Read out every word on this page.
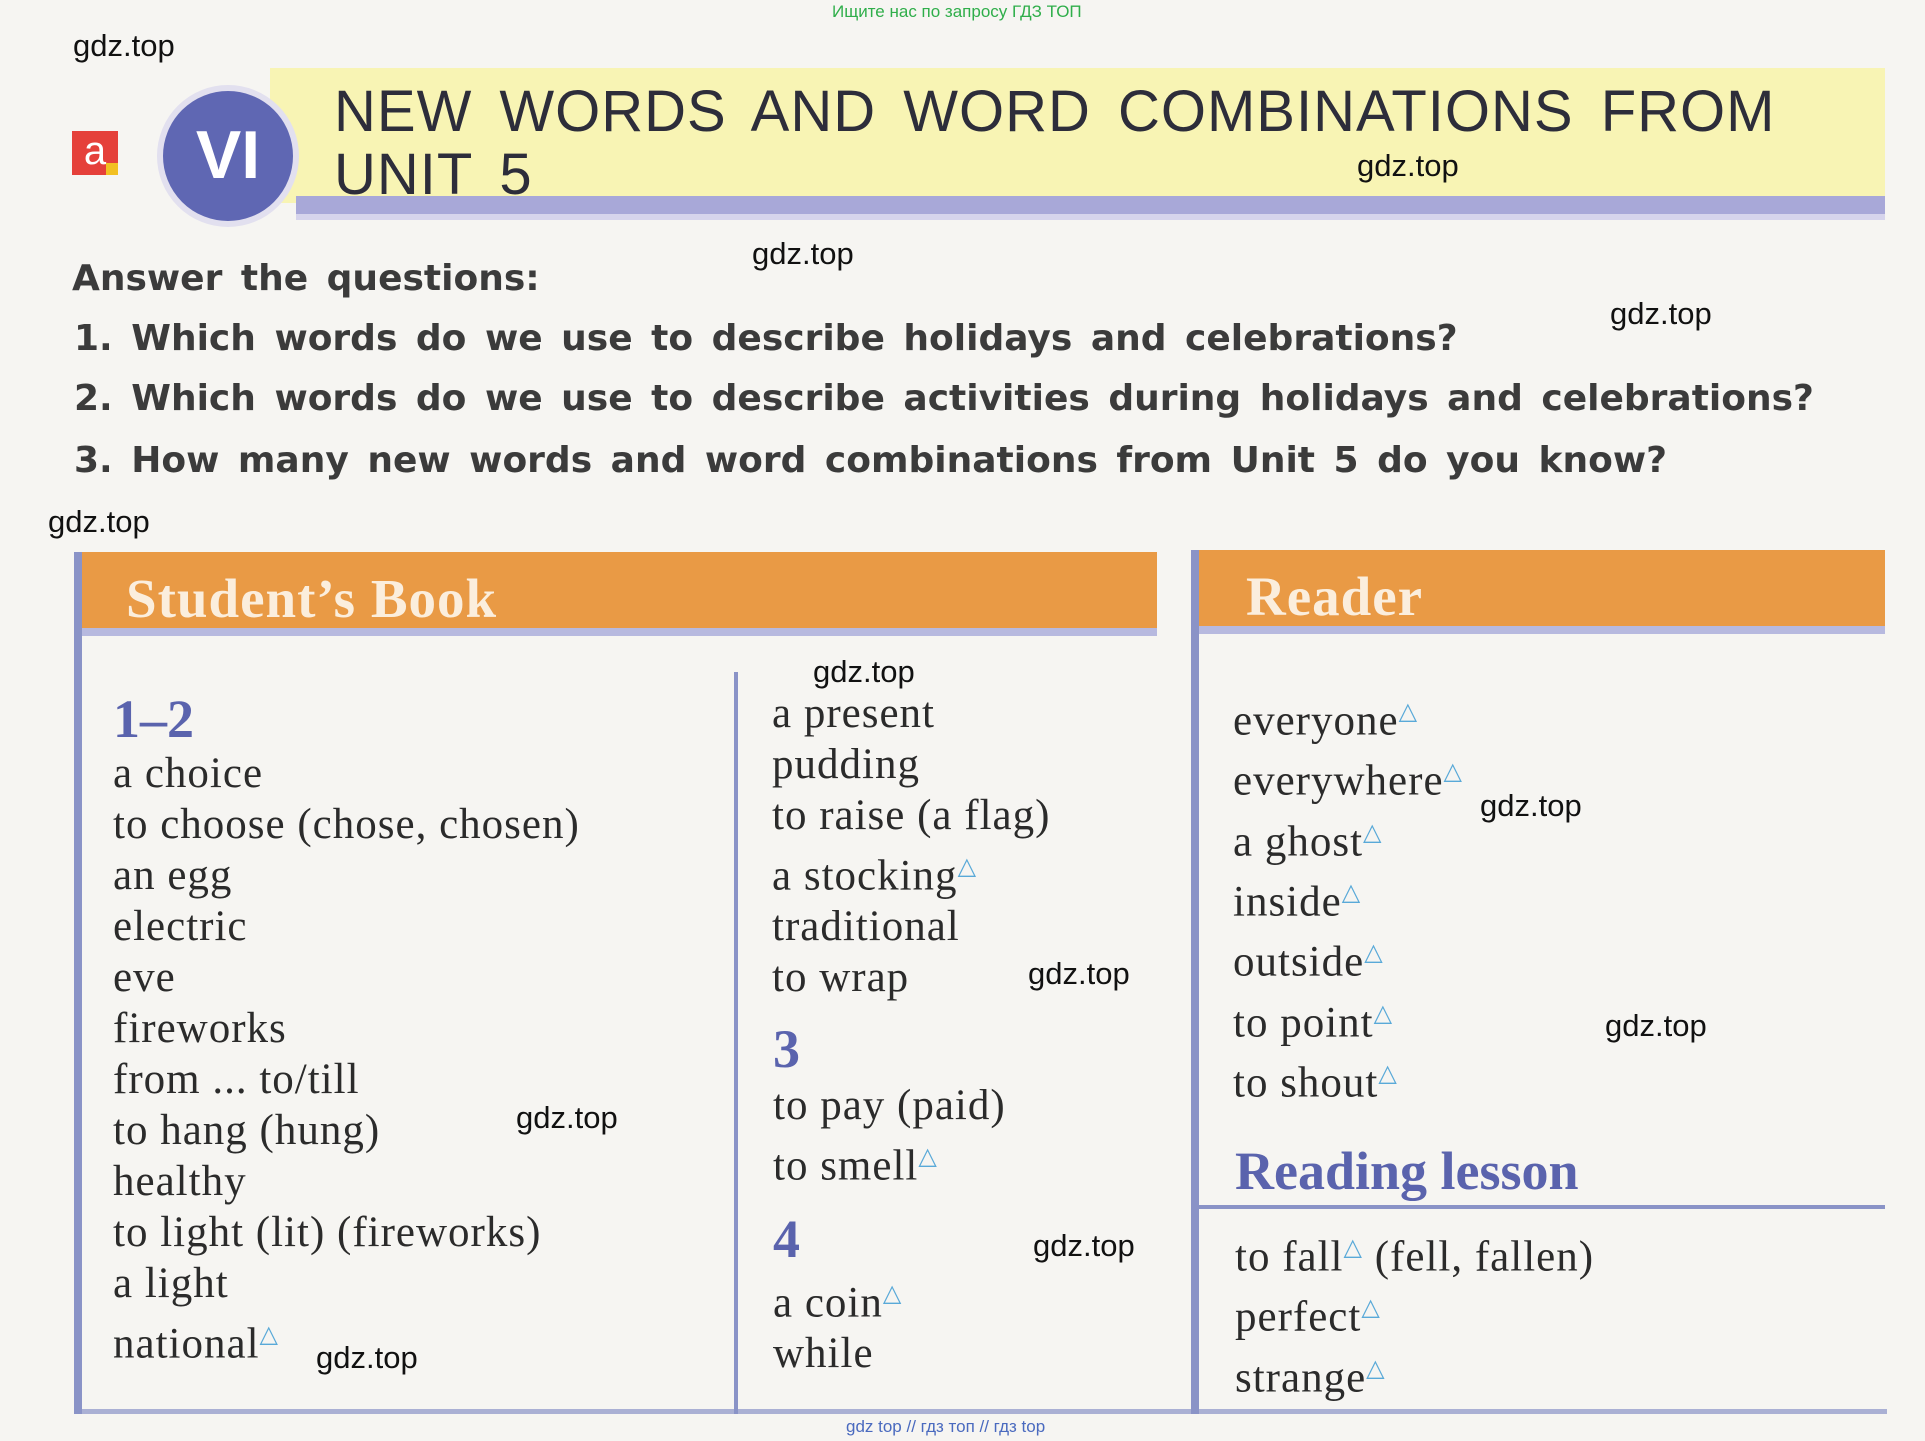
Ищите нас по запросу ГДЗ ТОП
gdz top // гдз топ // гдз top
a	VI
NEW WORDS AND WORD COMBINATIONS FROM
UNIT 5
Answer the questions:
1. Which words do we use to describe holidays and celebrations?
2. Which words do we use to describe activities during holidays and celebrations?
3. How many new words and word combinations from Unit 5 do you know?
Student’s Book	Reader
1–2
a choice
to choose (chose, chosen)
an egg
electric
eve
fireworks
from ... to/till
to hang (hung)
healthy
to light (lit) (fireworks)
a light
national△
a present
pudding
to raise (a flag)
a stocking△
traditional
to wrap
3
to pay (paid)
to smell△
4
a coin△
while
everyone△
everywhere△
a ghost△
inside△
outside△
to point△
to shout△
Reading lesson
to fall△ (fell, fallen)
perfect△
strange△
gdz.top
gdz.top
gdz.top
gdz.top
gdz.top
gdz.top
gdz.top
gdz.top
gdz.top
gdz.top
gdz.top
gdz.top
